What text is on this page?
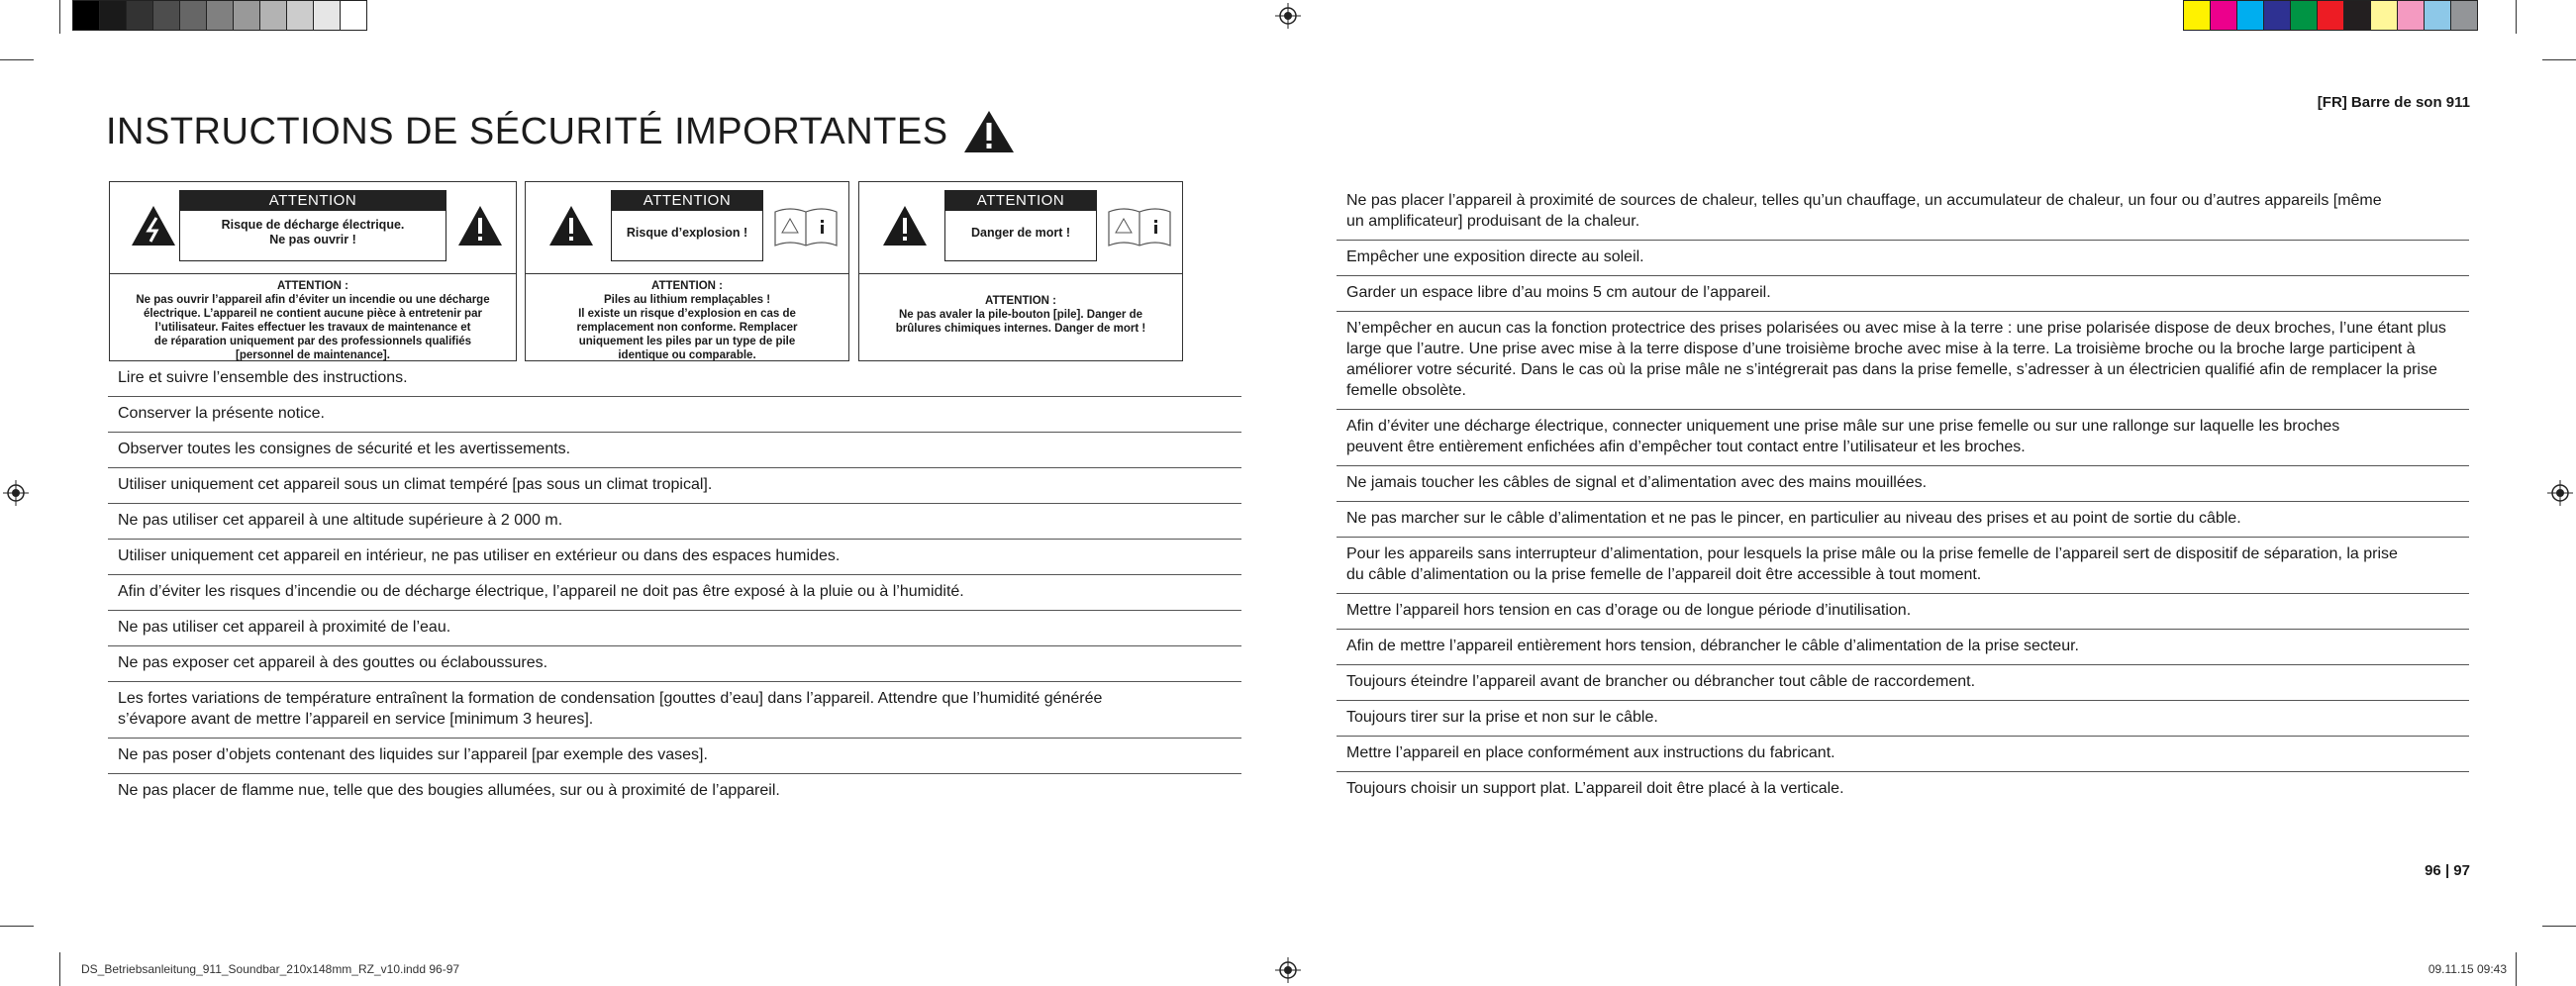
[FR] Barre de son 911
INSTRUCTIONS DE SÉCURITÉ IMPORTANTES
ATTENTION
Risque de décharge électrique.
Ne pas ouvrir !
ATTENTION :
Ne pas ouvrir l’appareil afin d’éviter un incendie ou une décharge
électrique. L’appareil ne contient aucune pièce à entretenir par
l’utilisateur. Faites effectuer les travaux de maintenance et
de réparation uniquement par des professionnels qualifiés
[personnel de maintenance].
ATTENTION
Risque d’explosion !
ATTENTION :
Piles au lithium remplaçables !
Il existe un risque d’explosion en cas de
remplacement non conforme. Remplacer
uniquement les piles par un type de pile
identique ou comparable.
ATTENTION
Danger de mort !
ATTENTION :
Ne pas avaler la pile-bouton [pile]. Danger de
brûlures chimiques internes. Danger de mort !
Lire et suivre l’ensemble des instructions.
Conserver la présente notice.
Observer toutes les consignes de sécurité et les avertissements.
Utiliser uniquement cet appareil sous un climat tempéré [pas sous un climat tropical].
Ne pas utiliser cet appareil à une altitude supérieure à 2 000 m.
Utiliser uniquement cet appareil en intérieur, ne pas utiliser en extérieur ou dans des espaces humides.
Afin d’éviter les risques d’incendie ou de décharge électrique, l’appareil ne doit pas être exposé à la pluie ou à l’humidité.
Ne pas utiliser cet appareil à proximité de l’eau.
Ne pas exposer cet appareil à des gouttes ou éclaboussures.
Les fortes variations de température entraînent la formation de condensation [gouttes d’eau] dans l’appareil. Attendre que l’humidité générée s’évapore avant de mettre l’appareil en service [minimum 3 heures].
Ne pas poser d’objets contenant des liquides sur l’appareil [par exemple des vases].
Ne pas placer de flamme nue, telle que des bougies allumées, sur ou à proximité de l’appareil.
Ne pas placer l’appareil à proximité de sources de chaleur, telles qu’un chauffage, un accumulateur de chaleur, un four ou d’autres appareils [même un amplificateur] produisant de la chaleur.
Empêcher une exposition directe au soleil.
Garder un espace libre d’au moins 5 cm autour de l’appareil.
N’empêcher en aucun cas la fonction protectrice des prises polarisées ou avec mise à la terre : une prise polarisée dispose de deux broches, l’une étant plus large que l’autre. Une prise avec mise à la terre dispose d’une troisième broche avec mise à la terre. La troisième broche ou la broche large participent à améliorer votre sécurité. Dans le cas où la prise mâle ne s’intégrerait pas dans la prise femelle, s’adresser à un électricien qualifié afin de remplacer la prise femelle obsolète.
Afin d’éviter une décharge électrique, connecter uniquement une prise mâle sur une prise femelle ou sur une rallonge sur laquelle les broches peuvent être entièrement enfichées afin d’empêcher tout contact entre l’utilisateur et les broches.
Ne jamais toucher les câbles de signal et d’alimentation avec des mains mouillées.
Ne pas marcher sur le câble d’alimentation et ne pas le pincer, en particulier au niveau des prises et au point de sortie du câble.
Pour les appareils sans interrupteur d’alimentation, pour lesquels la prise mâle ou la prise femelle de l’appareil sert de dispositif de séparation, la prise du câble d’alimentation ou la prise femelle de l’appareil doit être accessible à tout moment.
Mettre l’appareil hors tension en cas d’orage ou de longue période d’inutilisation.
Afin de mettre l’appareil entièrement hors tension, débrancher le câble d’alimentation de la prise secteur.
Toujours éteindre l’appareil avant de brancher ou débrancher tout câble de raccordement.
Toujours tirer sur la prise et non sur le câble.
Mettre l’appareil en place conformément aux instructions du fabricant.
Toujours choisir un support plat. L’appareil doit être placé à la verticale.
96 | 97
DS_Betriebsanleitung_911_Soundbar_210x148mm_RZ_v10.indd 96-97	09.11.15 09:43
